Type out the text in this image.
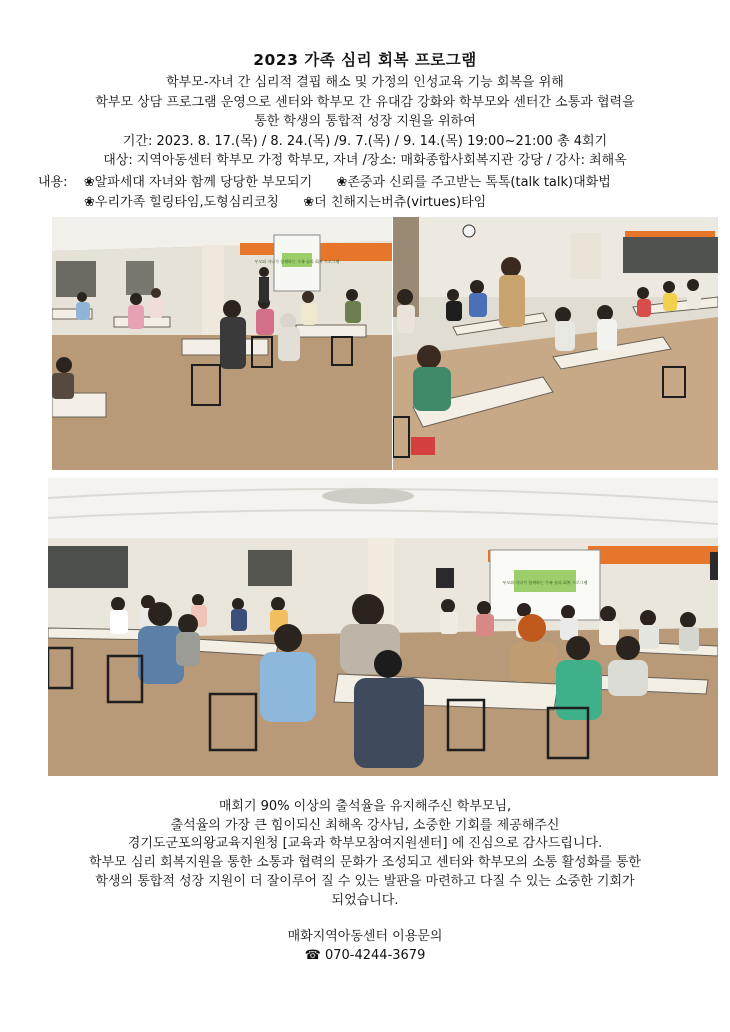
2023 가족 심리 회복 프로그램
학부모-자녀 간 심리적 결핍 해소 및 가정의 인성교육 기능 회복을 위해
학부모 상담 프로그램 운영으로 센터와 학부모 간 유대감 강화와 학부모와 센터간 소통과 협력을
통한 학생의 통합적 성장 지원을 위하여
기간: 2023. 8. 17.(목) / 8. 24.(목) /9. 7.(목) / 9. 14.(목) 19:00~21:00 총 4회기
대상: 지역아동센터 학부모 가정 학부모, 자녀 /장소: 매화종합사회복지관 강당 / 강사: 최해옥
내용: ❀알파세대 자녀와 함께 당당한 부모되기 ❀존중과 신뢰를 주고받는 톡톡(talk talk)대화법
❀우리가족 힐링타임,도형심리코칭 ❀더 친해지는버츄(virtues)타임
부모와 자녀가 함께하는 가족 심리 회복 프로그램
부모와 자녀가 함께하는 가족 심리 회복 프로그램
매회기 90% 이상의 출석율을 유지해주신 학부모님,
출석율의 가장 큰 힘이되신 최해옥 강사님, 소중한 기회를 제공해주신
경기도군포의왕교육지원청 [교육과 학부모참여지원센터] 에 진심으로 감사드립니다.
학부모 심리 회복지원을 통한 소통과 협력의 문화가 조성되고 센터와 학부모의 소통 활성화를 통한
학생의 통합적 성장 지원이 더 잘이루어 질 수 있는 발판을 마련하고 다질 수 있는 소중한 기회가
되었습니다.
매화지역아동센터 이용문의
☎ 070-4244-3679
